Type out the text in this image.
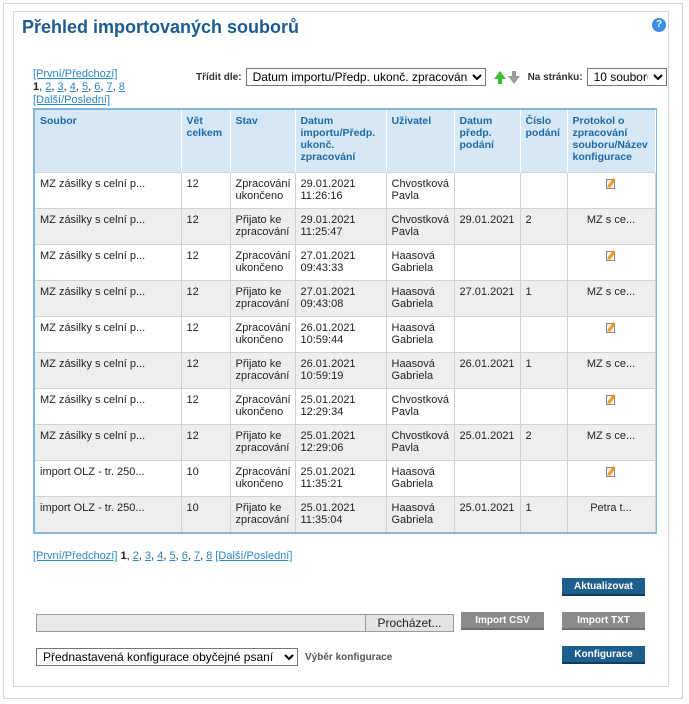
Přehled importovaných souborů	?
[První/Předchozí]
1, 2, 3, 4, 5, 6, 7, 8
[Další/Poslední]
Třídit dle:
Datum importu/Předp. ukonč. zpracování	Na stránku:
10 souborů
Soubor	Vět celkem	Stav	Datum importu/Předp. ukonč. zpracování	Uživatel	Datum předp. podání	Číslo podání	Protokol o zpracování souboru/Název konfigurace
MZ zásilky s celní p...	12	Zpracování ukončeno	29.01.2021 11:26:16	Chvostková Pavla			

MZ zásilky s celní p...	12	Přijato ke zpracování	29.01.2021 11:25:47	Chvostková Pavla	29.01.2021	2	MZ s ce...
MZ zásilky s celní p...	12	Zpracování ukončeno	27.01.2021 09:43:33	Haasová Gabriela			

MZ zásilky s celní p...	12	Přijato ke zpracování	27.01.2021 09:43:08	Haasová Gabriela	27.01.2021	1	MZ s ce...
MZ zásilky s celní p...	12	Zpracování ukončeno	26.01.2021 10:59:44	Haasová Gabriela			

MZ zásilky s celní p...	12	Přijato ke zpracování	26.01.2021 10:59:19	Haasová Gabriela	26.01.2021	1	MZ s ce...
MZ zásilky s celní p...	12	Zpracování ukončeno	25.01.2021 12:29:34	Chvostková Pavla			

MZ zásilky s celní p...	12	Přijato ke zpracování	25.01.2021 12:29:06	Chvostková Pavla	25.01.2021	2	MZ s ce...
import OLZ - tr. 250...	10	Zpracování ukončeno	25.01.2021 11:35:21	Haasová Gabriela			

import OLZ - tr. 250...	10	Přijato ke zpracování	25.01.2021 11:35:04	Haasová Gabriela	25.01.2021	1	Petra t...
[První/Předchozí] 1, 2, 3, 4, 5, 6, 7, 8 [Další/Poslední]
Aktualizovat
Procházet...	Import CSV	Import TXT
Přednastavená konfigurace obyčejné psaní
Výběr konfigurace	Konfigurace
